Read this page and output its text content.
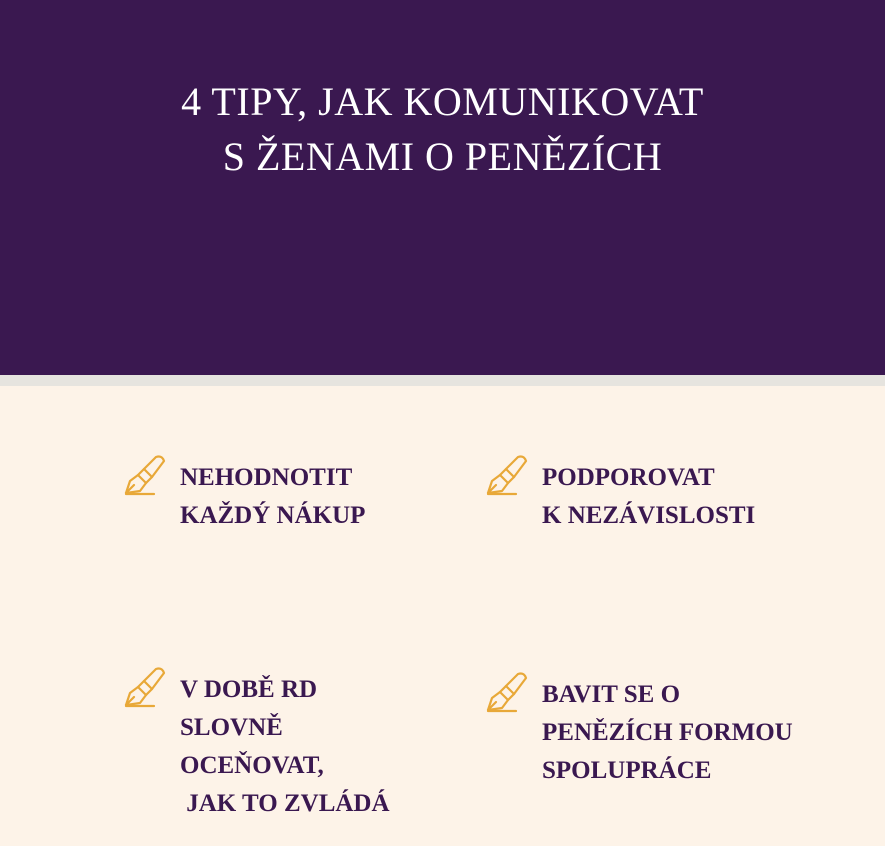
4 TIPY, JAK KOMUNIKOVAT
S ŽENAMI O PENĚZÍCH
NEHODNOTIT
KAŽDÝ NÁKUP
PODPOROVAT
K NEZÁVISLOSTI
V DOBĚ RD
SLOVNĚ
OCEŇOVAT,
JAK TO ZVLÁDÁ
BAVIT SE O
PENĚZÍCH FORMOU
SPOLUPRÁCE
